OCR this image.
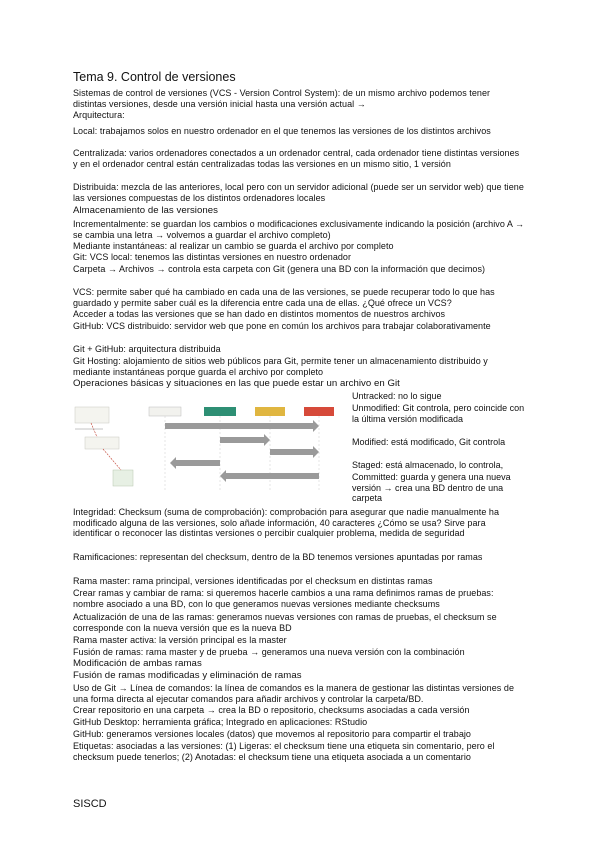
Tema 9. Control de versiones
Sistemas de control de versiones (VCS - Version Control System): de un mismo archivo podemos tener distintas versiones, desde una versión inicial hasta una versión actual →
Arquitectura:
Local: trabajamos solos en nuestro ordenador en el que tenemos las versiones de los distintos archivos
Centralizada: varios ordenadores conectados a un ordenador central, cada ordenador tiene distintas versiones y en el ordenador central están centralizadas todas las versiones en un mismo sitio, 1 versión
Distribuida: mezcla de las anteriores, local pero con un servidor adicional (puede ser un servidor web) que tiene las versiones compuestas de los distintos ordenadores locales
Almacenamiento de las versiones
Incrementalmente: se guardan los cambios o modificaciones exclusivamente indicando la posición (archivo A → se cambia una letra → volvemos a guardar el archivo completo)
Mediante instantáneas: al realizar un cambio se guarda el archivo por completo
Git: VCS local: tenemos las distintas versiones en nuestro ordenador
Carpeta → Archivos → controla esta carpeta con Git (genera una BD con la información que decimos)
VCS: permite saber qué ha cambiado en cada una de las versiones, se puede recuperar todo lo que has guardado y permite saber cuál es la diferencia entre cada una de ellas. ¿Qué ofrece un VCS?
Acceder a todas las versiones que se han dado en distintos momentos de nuestros archivos
GitHub: VCS distribuido: servidor web que pone en común los archivos para trabajar colaborativamente
Git + GitHub: arquitectura distribuida
Git Hosting: alojamiento de sitios web públicos para Git, permite tener un almacenamiento distribuido y mediante instantáneas porque guarda el archivo por completo
Operaciones básicas y situaciones en las que puede estar un archivo en Git
Untracked: no lo sigue
Unmodified: Git controla, pero coincide con la última versión modificada
Modified: está modificado, Git controla
Staged: está almacenado, lo controla,
Committed: guarda y genera una nueva versión → crea una BD dentro de una carpeta
Integridad: Checksum (suma de comprobación): comprobación para asegurar que nadie manualmente ha modificado alguna de las versiones, solo añade información, 40 caracteres ¿Cómo se usa? Sirve para identificar o reconocer las distintas versiones o percibir cualquier problema, medida de seguridad
Ramificaciones: representan del checksum, dentro de la BD tenemos versiones apuntadas por ramas
Rama master: rama principal, versiones identificadas por el checksum en distintas ramas
Crear ramas y cambiar de rama: si queremos hacerle cambios a una rama definimos ramas de pruebas: nombre asociado a una BD, con lo que generamos nuevas versiones mediante checksums
Actualización de una de las ramas: generamos nuevas versiones con ramas de pruebas, el checksum se corresponde con la nueva versión que es la nueva BD
Rama master activa: la versión principal es la master
Fusión de ramas: rama master y de prueba → generamos una nueva versión con la combinación
Modificación de ambas ramas
Fusión de ramas modificadas y eliminación de ramas
Uso de Git → Línea de comandos: la línea de comandos es la manera de gestionar las distintas versiones de una forma directa al ejecutar comandos para añadir archivos y controlar la carpeta/BD.
Crear repositorio en una carpeta → crea la BD o repositorio, checksums asociadas a cada versión
GitHub Desktop: herramienta gráfica; Integrado en aplicaciones: RStudio
GitHub: generamos versiones locales (datos) que movemos al repositorio para compartir el trabajo
Etiquetas: asociadas a las versiones: (1) Ligeras: el checksum tiene una etiqueta sin comentario, pero el checksum puede tenerlos; (2) Anotadas: el checksum tiene una etiqueta asociada a un comentario
SISCD
